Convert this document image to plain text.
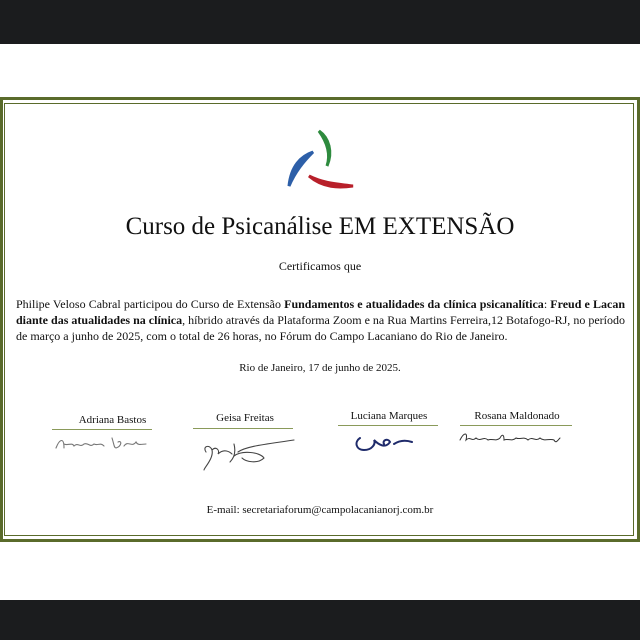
Curso de Psicanálise EM EXTENSÃO
Certificamos que
Philipe Veloso Cabral participou do Curso de Extensão Fundamentos e atualidades da clínica psicanalítica: Freud e Lacan diante das atualidades na clínica, híbrido através da Plataforma Zoom e na Rua Martins Ferreira,12 Botafogo-RJ, no período de março a junho de 2025, com o total de 26 horas, no Fórum do Campo Lacaniano do Rio de Janeiro.
Rio de Janeiro, 17 de junho de 2025.
Adriana Bastos	Geisa Freitas	Luciana Marques	Rosana Maldonado
E-mail: secretariaforum@campolacanianorj.com.br
